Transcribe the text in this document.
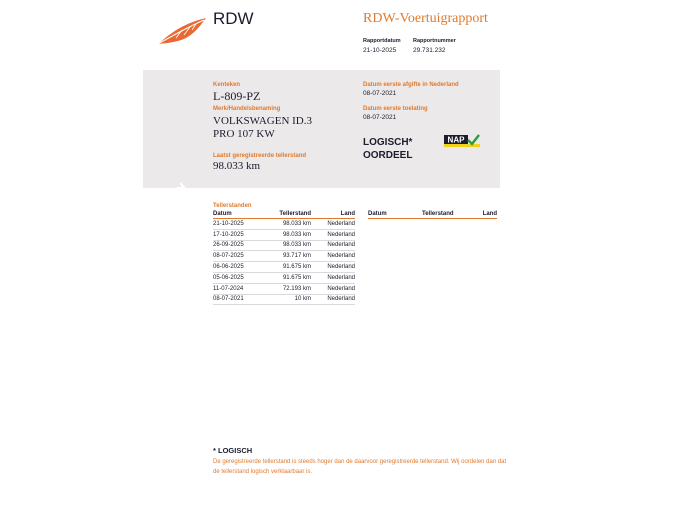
RDW	RDW-Voertuigrapport
Rapportdatum
21-10-2025
Rapportnummer
29.731.232
Kenteken
L-809-PZ
Merk/Handelsbenaming
VOLKSWAGEN ID.3
PRO 107 KW
Laatst geregistreerde tellerstand
98.033 km
Datum eerste afgifte in Nederland
08-07-2021
Datum eerste toelating
08-07-2021
LOGISCH*
OORDEEL
NAP
Tellerstanden
Datum	Tellerstand	Land
21-10-2025	98.033 km	Nederland
17-10-2025	98.033 km	Nederland
26-09-2025	98.033 km	Nederland
08-07-2025	93.717 km	Nederland
06-06-2025	91.675 km	Nederland
05-06-2025	91.675 km	Nederland
11-07-2024	72.193 km	Nederland
08-07-2021	10 km	Nederland
Datum	Tellerstand	Land
* LOGISCH
De geregistreerde tellerstand is steeds hoger dan de daarvoor geregistreerde tellerstand. Wij oordelen dan dat de tellerstand logisch verklaarbaar is.
